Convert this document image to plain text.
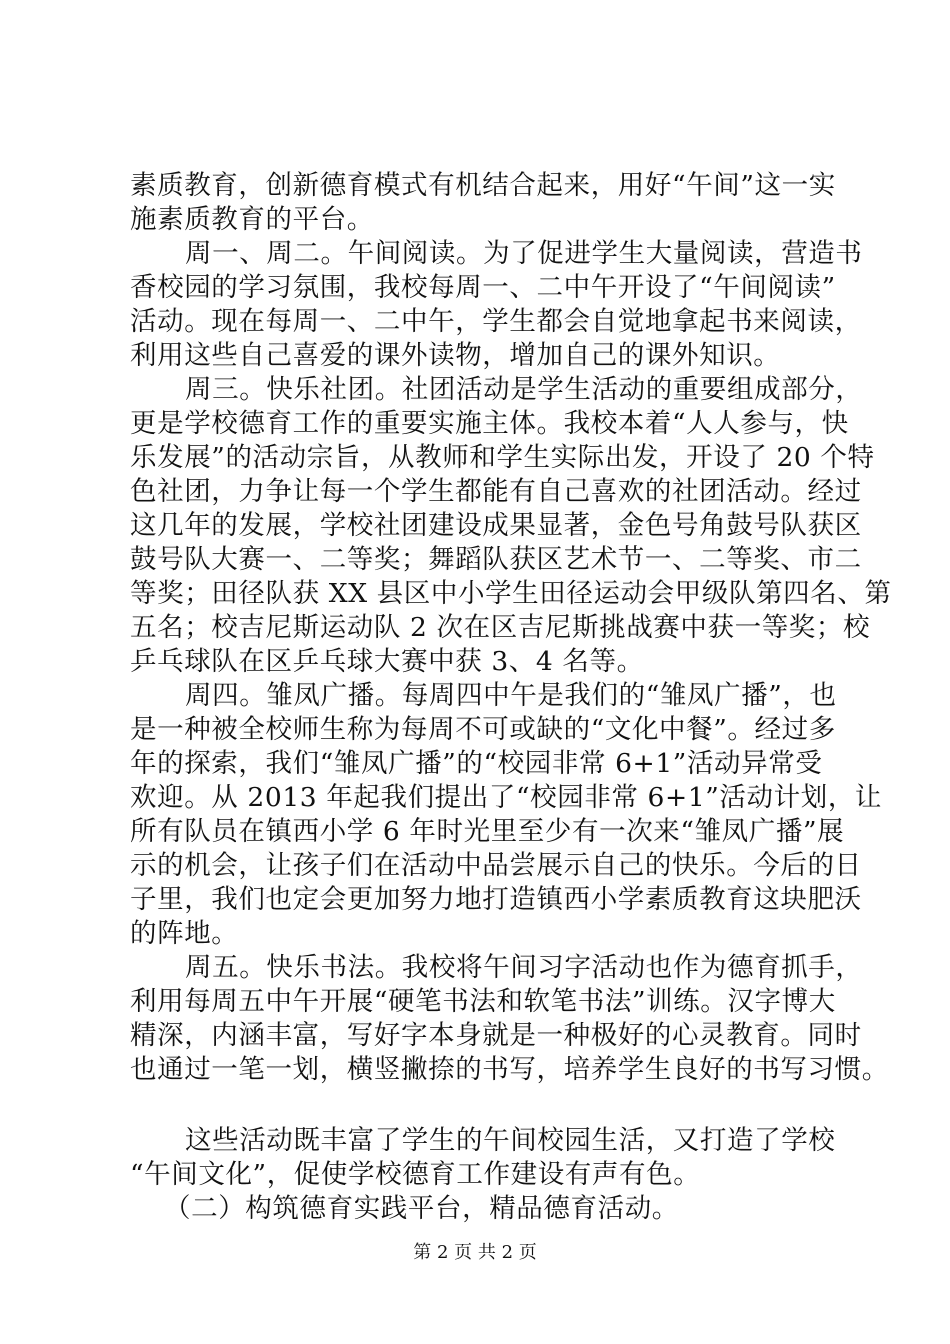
素质教育，创新德育模式有机结合起来，用好“午间”这一实
施素质教育的平台。
周一、周二。午间阅读。为了促进学生大量阅读，营造书
香校园的学习氛围，我校每周一、二中午开设了“午间阅读”
活动。现在每周一、二中午，学生都会自觉地拿起书来阅读，
利用这些自己喜爱的课外读物，增加自己的课外知识。
周三。快乐社团。社团活动是学生活动的重要组成部分，
更是学校德育工作的重要实施主体。我校本着“人人参与，快
乐发展”的活动宗旨，从教师和学生实际出发，开设了 20 个特
色社团，力争让每一个学生都能有自己喜欢的社团活动。经过
这几年的发展，学校社团建设成果显著，金色号角鼓号队获区
鼓号队大赛一、二等奖；舞蹈队获区艺术节一、二等奖、市二
等奖；田径队获 XX 县区中小学生田径运动会甲级队第四名、第
五名；校吉尼斯运动队 2 次在区吉尼斯挑战赛中获一等奖；校
乒乓球队在区乒乓球大赛中获 3、4 名等。
周四。雏凤广播。每周四中午是我们的“雏凤广播”，也
是一种被全校师生称为每周不可或缺的“文化中餐”。经过多
年的探索，我们“雏凤广播”的“校园非常 6+1”活动异常受
欢迎。从 2013 年起我们提出了“校园非常 6+1”活动计划，让
所有队员在镇西小学 6 年时光里至少有一次来“雏凤广播”展
示的机会，让孩子们在活动中品尝展示自己的快乐。今后的日
子里，我们也定会更加努力地打造镇西小学素质教育这块肥沃
的阵地。
周五。快乐书法。我校将午间习字活动也作为德育抓手，
利用每周五中午开展“硬笔书法和软笔书法”训练。汉字博大
精深，内涵丰富，写好字本身就是一种极好的心灵教育。同时
也通过一笔一划，横竖撇捺的书写，培养学生良好的书写习惯。
这些活动既丰富了学生的午间校园生活，又打造了学校
“午间文化”，促使学校德育工作建设有声有色。
（二）构筑德育实践平台，精品德育活动。
第 2 页 共 2 页
